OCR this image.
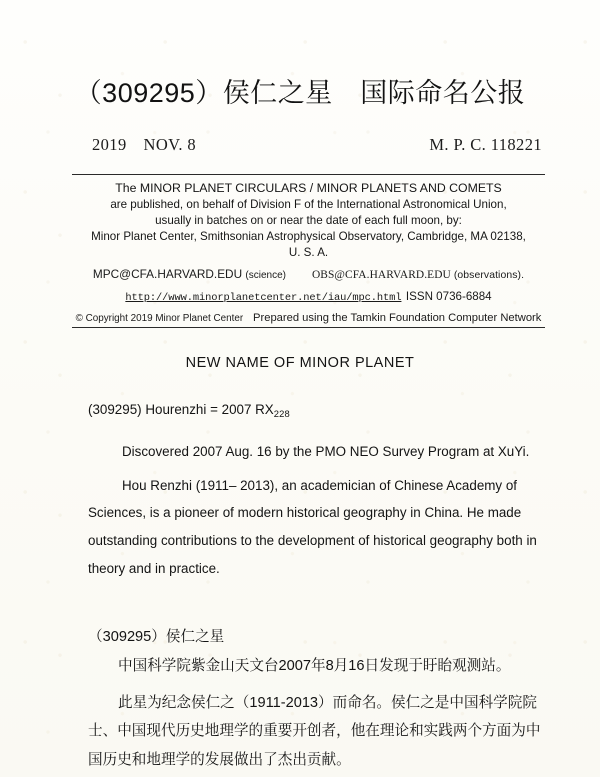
（309295）侯仁之星　国际命名公报
2019　NOV. 8	M. P. C. 118221
The MINOR PLANET CIRCULARS / MINOR PLANETS AND COMETS
are published, on behalf of Division F of the International Astronomical Union,
usually in batches on or near the date of each full moon, by:
Minor Planet Center, Smithsonian Astrophysical Observatory, Cambridge, MA 02138,
U. S. A.
MPC@CFA.HARVARD.EDU (science) OBS@CFA.HARVARD.EDU (observations).
http://www.minorplanetcenter.net/iau/mpc.html ISSN 0736-6884
© Copyright 2019 Minor Planet Center　 Prepared using the Tamkin Foundation Computer Network
NEW NAME OF MINOR PLANET

(309295) Hourenzhi = 2007 $RX_{228}$

Discovered 2007 Aug. 16 by the PMO NEO Survey Program at XuYi.

Hou Renzhi (1911– 2013), an academician of Chinese Academy of Sciences, is a pioneer of modern historical geography in China. He made outstanding contributions to the development of historical geography both in theory and in practice.

（309295）侯仁之星

中国科学院紫金山天文台2007年8月16日发现于盱眙观测站。

此星为纪念侯仁之（1911-2013）而命名。侯仁之是中国科学院院士、中国现代历史地理学的重要开创者，他在理论和实践两个方面为中国历史和地理学的发展做出了杰出贡献。
